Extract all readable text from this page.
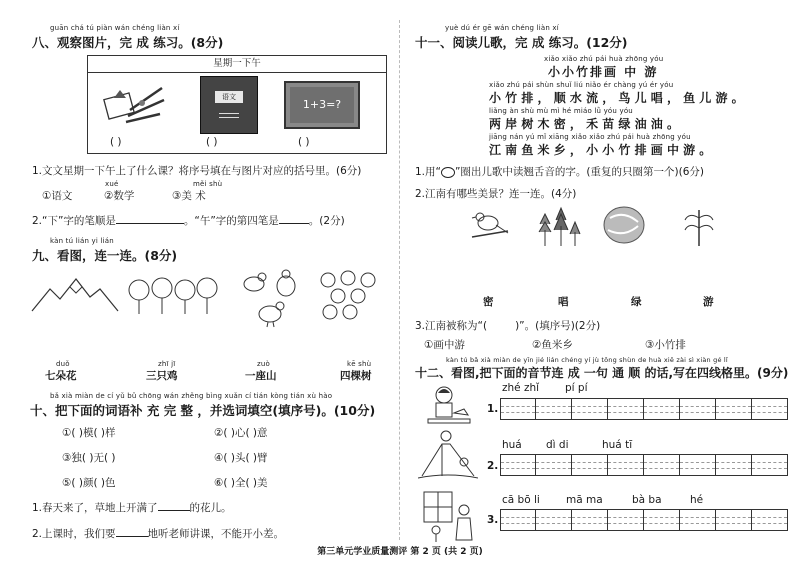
guān chá tú piàn wán chéng liàn xí
八、观察图片，完 成 练习。(8分)
星期一下午
语文
1+3=?
( )	( )	( )
1.文文星期一下午上了什么课？将序号填在与图片对应的括号里。(6分)
xué	měi shù
①语文	②数学	③美 术
2.“下”字的笔顺是	。“午”字的第四笔是	。(2分)
kàn tú lián yi lián
九、看图，连一连。(8分)
duǒ	zhī jī	zuò	kē shù
七朵花	三只鸡	一座山	四棵树
bǎ xià miàn de cí yǔ bǔ chōng wán zhěng bìng xuǎn cí tián kòng tián xù hào
十、把下面的词语补 充 完 整 ，并选词填空(填序号)。(10分)
①( )模( )样	②( )心( )意
③独( )无( )	④( )头( )臂
⑤( )颜( )色	⑥( )全( )美
1.春天来了，草地上开满了	的花儿。
2.上课时，我们要	地听老师讲课，不能开小差。
yuè dú ér gē wán chéng liàn xí
十一、阅读儿歌，完 成 练习。(12分)
xiǎo xiǎo zhú pái huà zhōng yóu
小小竹排画 中 游
xiǎo zhú pái shùn shuǐ liú niǎo ér chàng yú ér yóu
小 竹 排 ， 顺 水 流 ， 鸟 儿 唱 ， 鱼 儿 游 。
liǎng àn shù mù mì hé miáo lǜ yóu yóu
两 岸 树 木 密 ， 禾 苗 绿 油 油 。
jiāng nán yú mǐ xiāng xiǎo xiǎo zhú pái huà zhōng yóu
江 南 鱼 米 乡 ， 小 小 竹 排 画 中 游 。
1.用“ ”圈出儿歌中读翘舌音的字。(重复的只圈第一个)(6分)
2.江南有哪些美景？连一连。(4分)
密	唱	绿	游
3.江南被称为“(	)”。(填序号)(2分)
①画中游	②鱼米乡	③小竹排
kàn tú bǎ xià miàn de yīn jié lián chéng yí jù tōng shùn de huà xiě zài sì xiàn gé lǐ
十二、看图,把下面的音节连 成 一句 通 顺 的话,写在四线格里。(9分)
zhé zhǐ pí pí
1.
huá dì di	huá tī
2.
cā bō li mā ma	bà ba	hé
3.
第三单元学业质量测评 第 2 页 (共 2 页)
